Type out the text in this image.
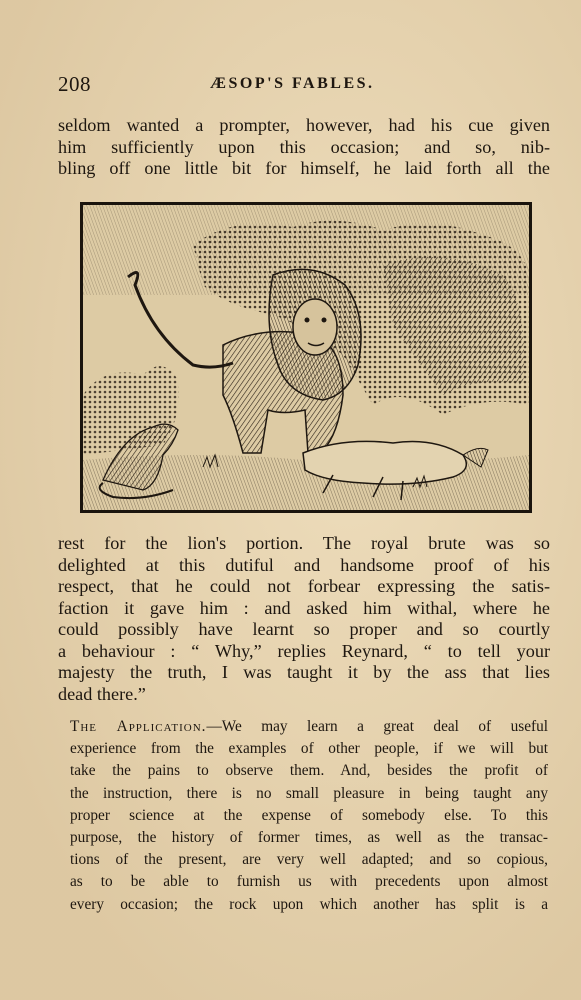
208	ÆSOP'S FABLES.

seldom wanted a prompter, however, had his cue given
him sufficiently upon this occasion; and so, nib-
bling off one little bit for himself, he laid forth all the

rest for the lion's portion. The royal brute was so
delighted at this dutiful and handsome proof of his
respect, that he could not forbear expressing the satis-
faction it gave him : and asked him withal, where he
could possibly have learnt so proper and so courtly
a behaviour : “ Why,” replies Reynard, “ to tell your
majesty the truth, I was taught it by the ass that lies
dead there.”

The Application.—We may learn a great deal of useful
experience from the examples of other people, if we will but
take the pains to observe them. And, besides the profit of
the instruction, there is no small pleasure in being taught any
proper science at the expense of somebody else. To this
purpose, the history of former times, as well as the transac-
tions of the present, are very well adapted; and so copious,
as to be able to furnish us with precedents upon almost
every occasion; the rock upon which another has split is a
